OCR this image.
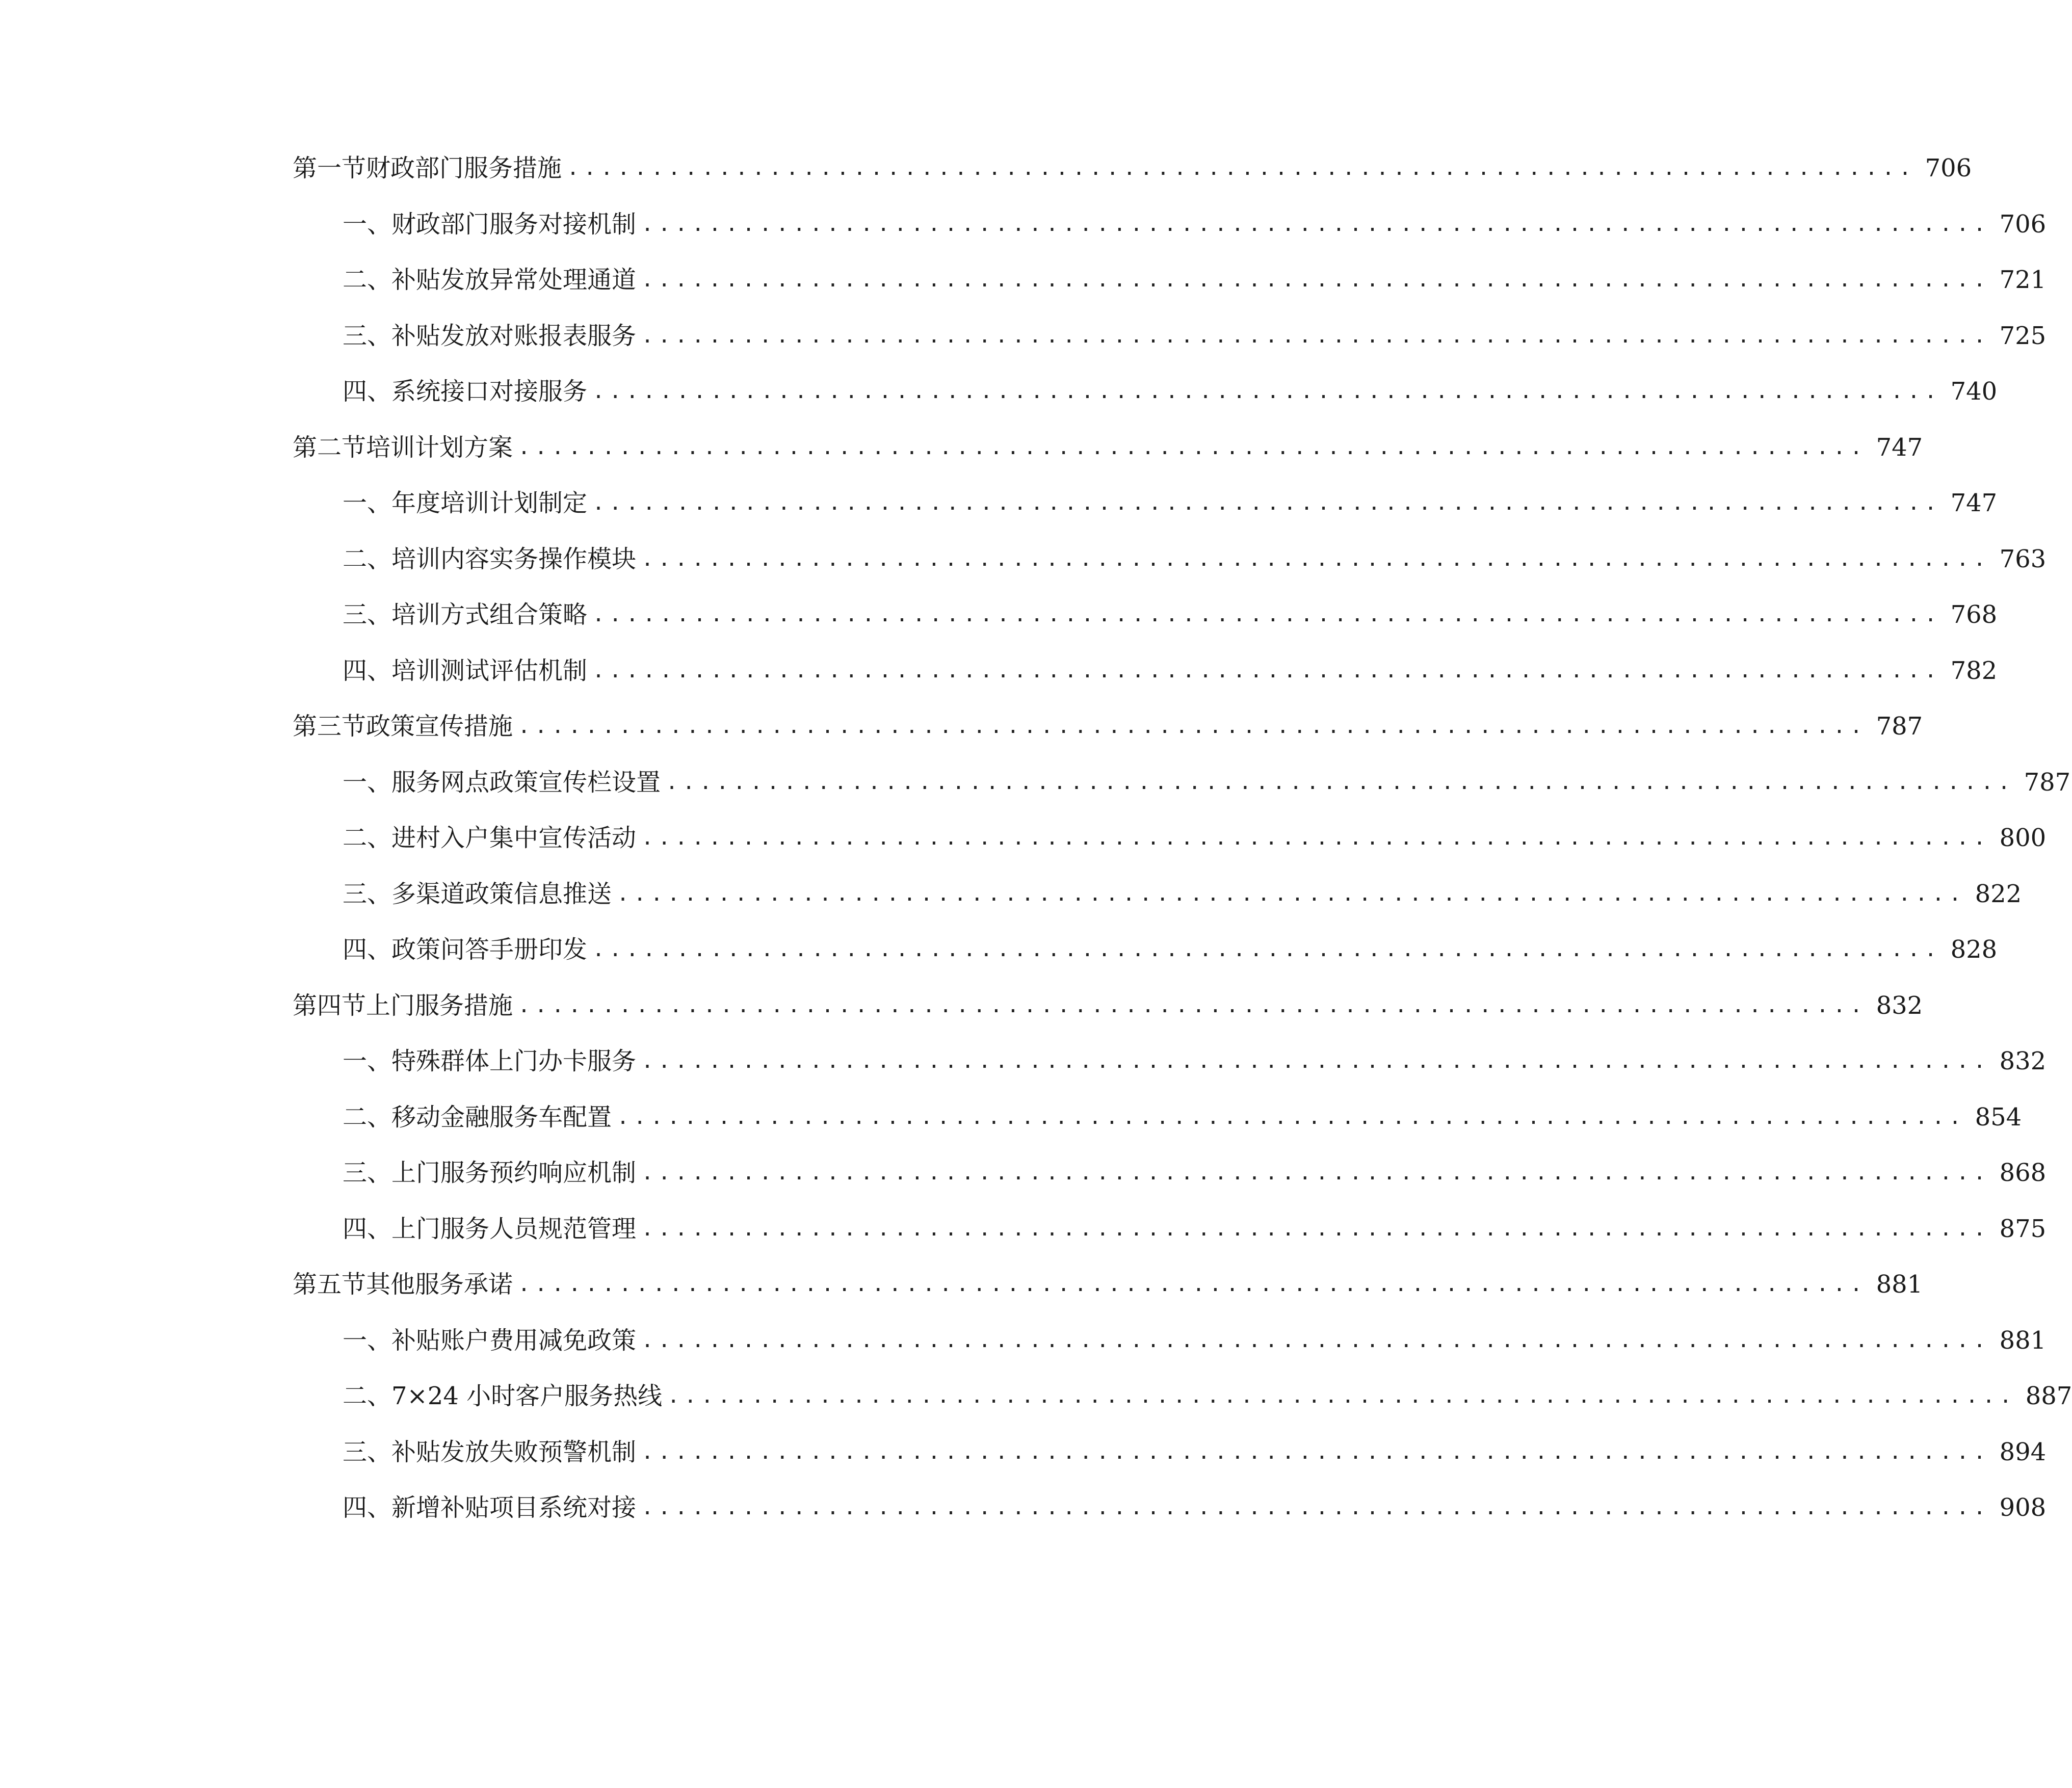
第一节 财政部门服务措施 ................................................................................ 706
一、 财政部门服务对接机制 ................................................................................ 706
二、 补贴发放异常处理通道 ................................................................................ 721
三、 补贴发放对账报表服务 ................................................................................ 725
四、 系统接口对接服务 ................................................................................ 740
第二节 培训计划方案 ................................................................................ 747
一、 年度培训计划制定 ................................................................................ 747
二、 培训内容实务操作模块 ................................................................................ 763
三、 培训方式组合策略 ................................................................................ 768
四、 培训测试评估机制 ................................................................................ 782
第三节 政策宣传措施 ................................................................................ 787
一、 服务网点政策宣传栏设置 ................................................................................ 787
二、 进村入户集中宣传活动 ................................................................................ 800
三、 多渠道政策信息推送 ................................................................................ 822
四、 政策问答手册印发 ................................................................................ 828
第四节 上门服务措施 ................................................................................ 832
一、 特殊群体上门办卡服务 ................................................................................ 832
二、 移动金融服务车配置 ................................................................................ 854
三、 上门服务预约响应机制 ................................................................................ 868
四、 上门服务人员规范管理 ................................................................................ 875
第五节 其他服务承诺 ................................................................................ 881
一、 补贴账户费用减免政策 ................................................................................ 881
二、 7×24 小时客户服务热线 ................................................................................ 887
三、 补贴发放失败预警机制 ................................................................................ 894
四、 新增补贴项目系统对接 ................................................................................ 908
